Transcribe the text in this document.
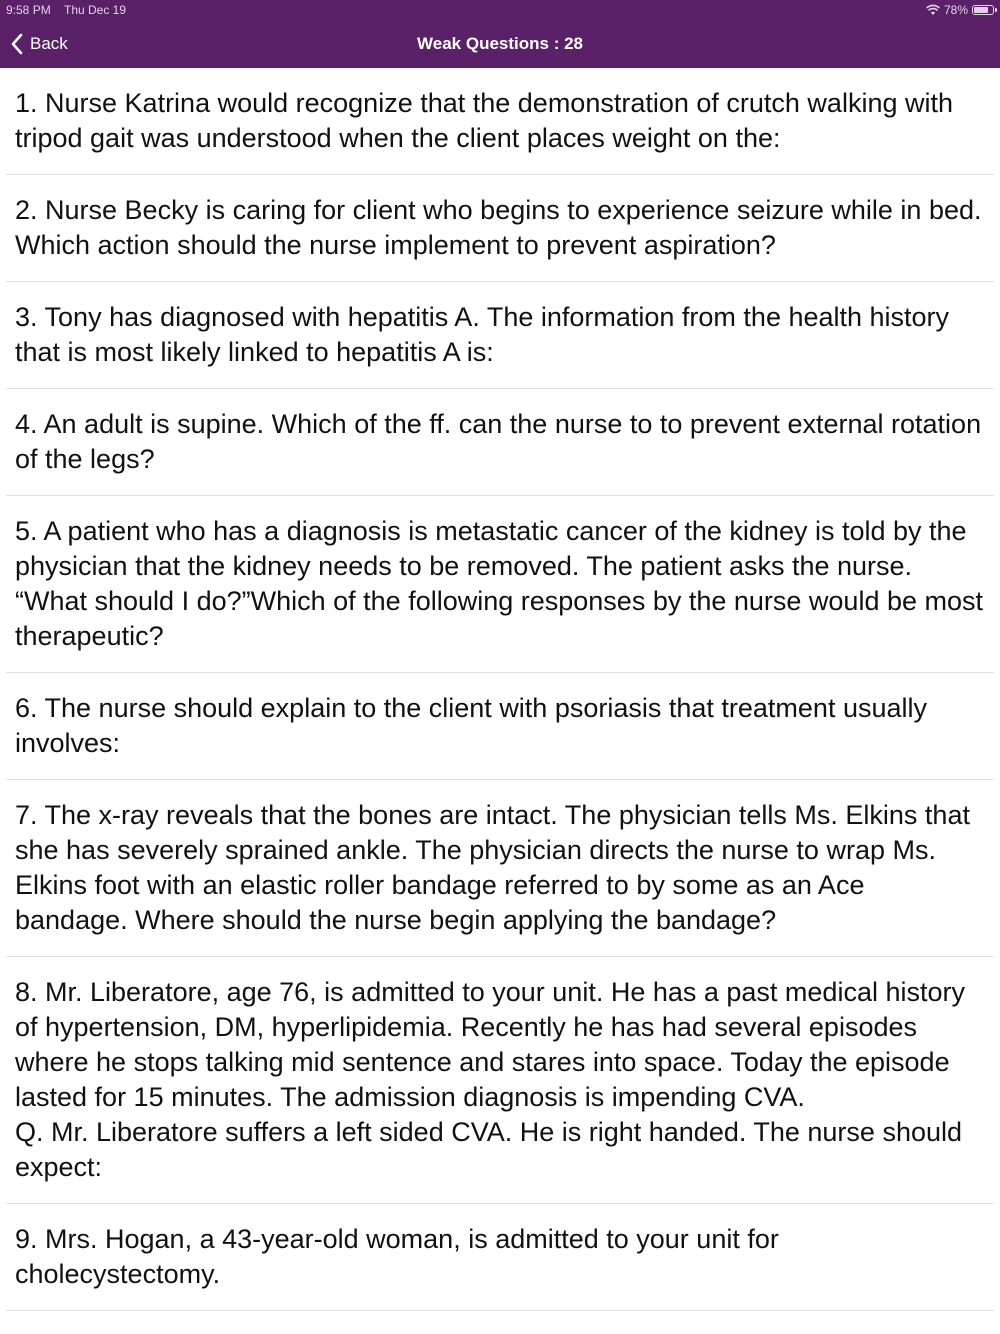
9:58 PM Thu Dec 19	78%
Back	Weak Questions : 28
1. Nurse Katrina would recognize that the demonstration of crutch walking with tripod gait was understood when the client places weight on the:
2. Nurse Becky is caring for client who begins to experience seizure while in bed. Which action should the nurse implement to prevent aspiration?
3. Tony has diagnosed with hepatitis A. The information from the health history that is most likely linked to hepatitis A is:
4. An adult is supine. Which of the ff. can the nurse to to prevent external rotation of the legs?
5. A patient who has a diagnosis is metastatic cancer of the kidney is told by the physician that the kidney needs to be removed. The patient asks the nurse. “What should I do?”Which of the following responses by the nurse would be most therapeutic?
6. The nurse should explain to the client with psoriasis that treatment usually involves:
7. The x-ray reveals that the bones are intact. The physician tells Ms. Elkins that she has severely sprained ankle. The physician directs the nurse to wrap Ms. Elkins foot with an elastic roller bandage referred to by some as an Ace bandage. Where should the nurse begin applying the bandage?
8. Mr. Liberatore, age 76, is admitted to your unit. He has a past medical history of hypertension, DM, hyperlipidemia. Recently he has had several episodes where he stops talking mid sentence and stares into space. Today the episode lasted for 15 minutes. The admission diagnosis is impending CVA.
Q. Mr. Liberatore suffers a left sided CVA. He is right handed. The nurse should expect:
9. Mrs. Hogan, a 43-year-old woman, is admitted to your unit for cholecystectomy.
